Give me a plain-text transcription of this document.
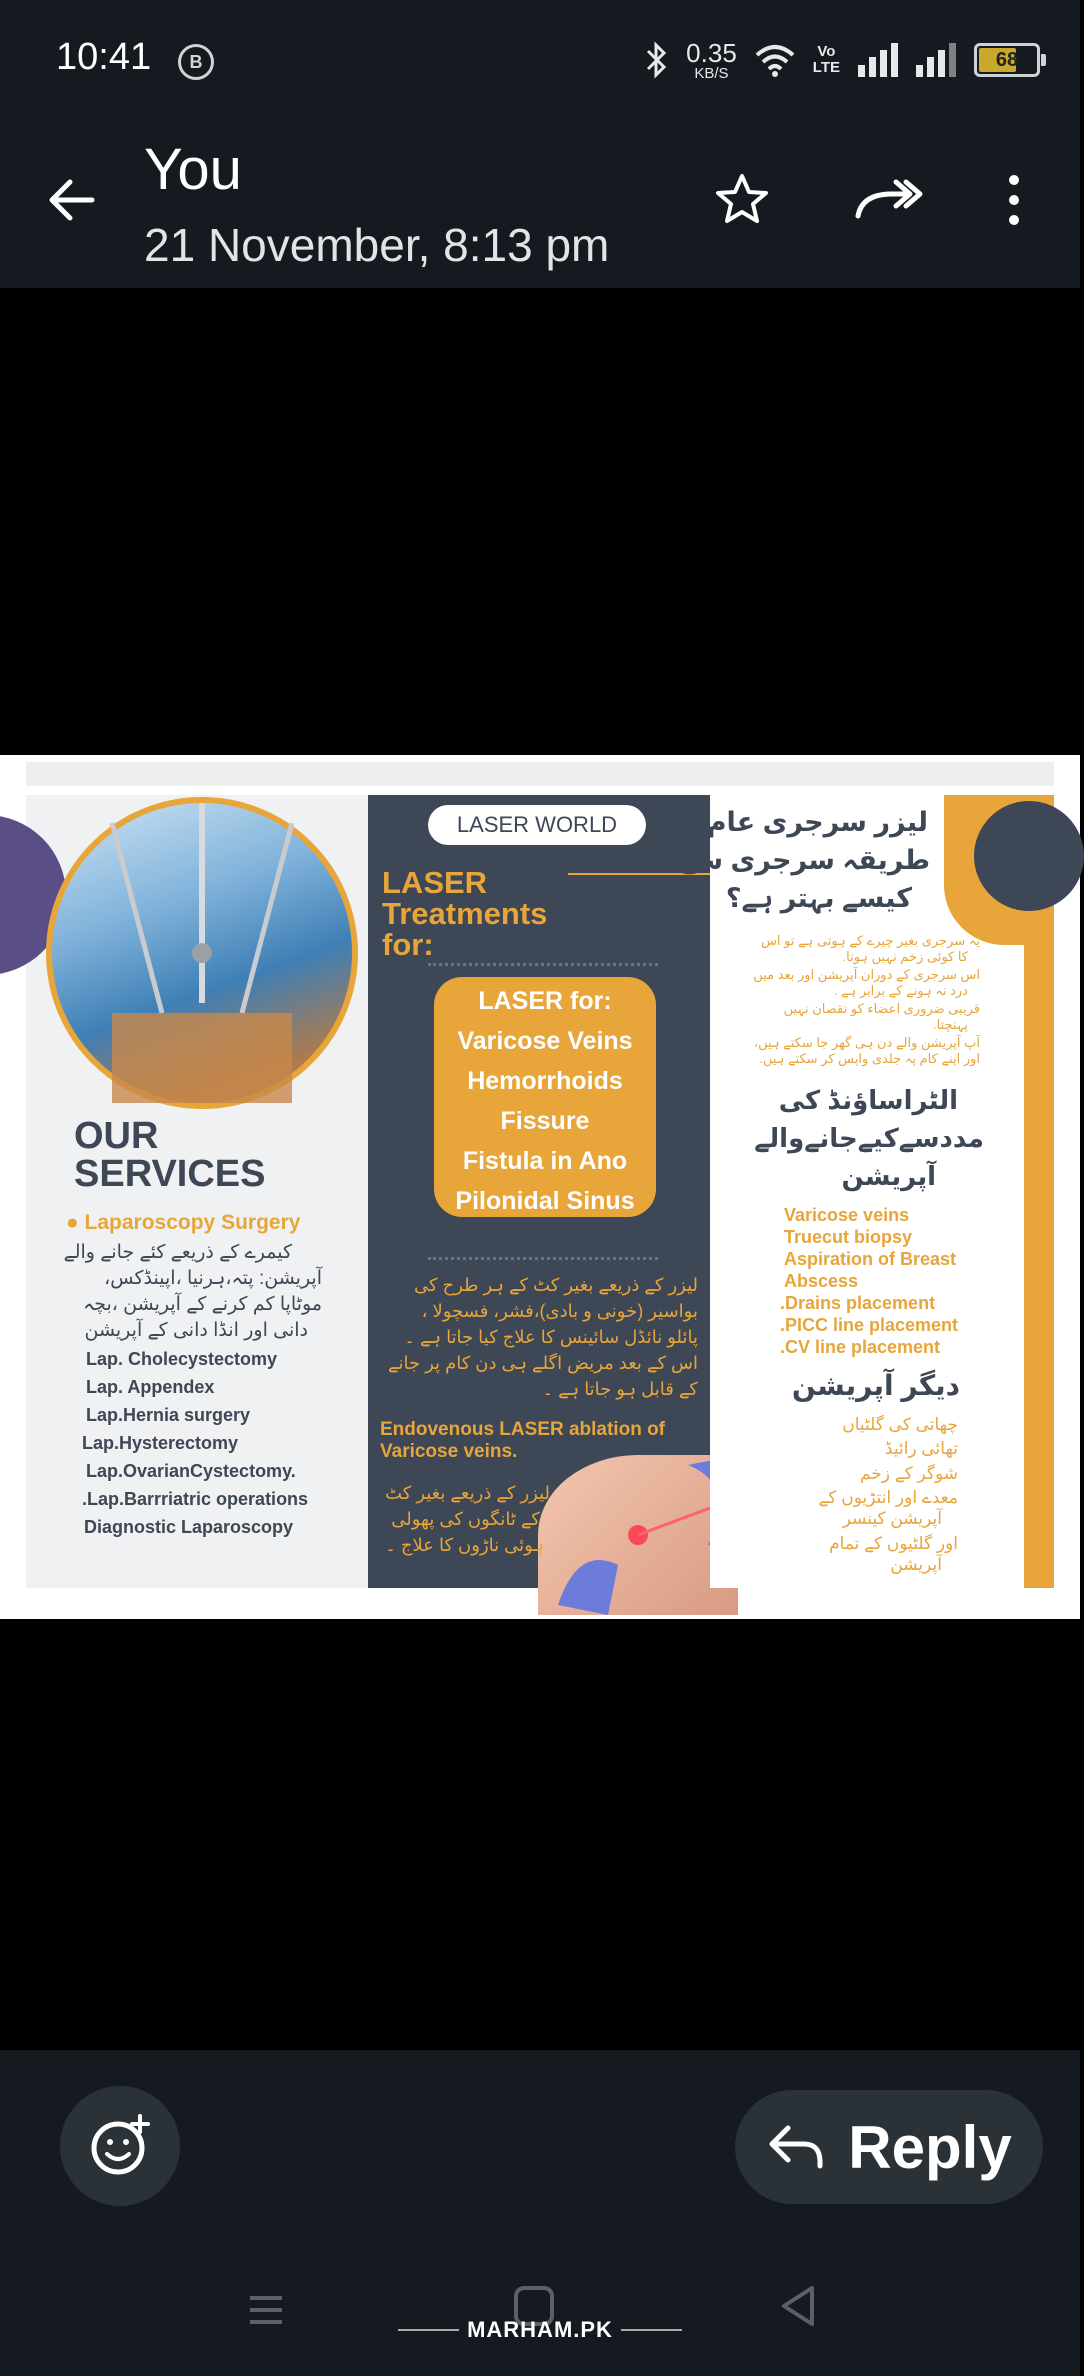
10:41	B	0.35
KB/S
Vo
LTE	68
You
21 November, 8:13 pm
OUR
SERVICES
● Laparoscopy Surgery
کیمرے کے ذریعے کئے جانے والے
آپریشن: پتہ،ہرنیا ،اپینڈکس،
موٹاپا کم کرنے کے آپریشن ،بچہ
دانی اور انڈا دانی کے آپریشن
Lap. Cholecystectomy
Lap. Appendex
Lap.Hernia surgery
Lap.Hysterectomy
Lap.OvarianCystectomy.
.Lap.Barrriatric operations
Diagnostic Laparoscopy
LASER WORLD
LASER
Treatments
for:
LASER for:
Varicose Veins
Hemorrhoids
Fissure
Fistula in Ano
Pilonidal Sinus
لیزر کے ذریعے بغیر کٹ کے ہر طرح کی
بواسیر (خونی و بادی)،فشر، فسچولا ،
پائلو نائڈل سائینس کا علاج کیا جاتا ہے ۔
اس کے بعد مریض اگلے ہی دن کام پر جانے
کے قابل ہو جاتا ہے ۔
Endovenous LASER ablation of
Varicose veins.
لیزر کے ذریعے بغیر کٹ
کے ٹانگوں کی پھولی
ہوئی ناڑوں کا علاج ۔
لیزر سرجری عام
طریقہ سرجری سے
کیسے بہتر ہے؟
یہ سرجری بغیر چیرے کے ہوتی ہے تو اس
کا کوئی زخم نہیں ہوتا.
اس سرجری کے دوران آپریشن اور بعد میں
درد نہ ہونے کے برابر ہے .
قریبی ضروری اعضاء کو نقصان نہیں
پہنچتا.
آپ آپریشن والے دن ہی گھر جا سکتے ہیں،
اور اپنے کام پہ جلدی واپس کر سکتے ہیں.
الٹراساؤنڈ کی
مددسےکیےجانےوالے
آپریشن
Varicose veins
Truecut biopsy
Aspiration of Breast
Abscess
.Drains placement
.PICC line placement
.CV line placement
دیگر آپریشن
چھاتی کی گلٹیاں
تھائی رائیڈ
شوگر کے زخم
معدے اور انتڑیوں کے
آپریشن کینسر
اور گلٹیوں کے تمام
آپریشن
Reply
MARHAM.PK
